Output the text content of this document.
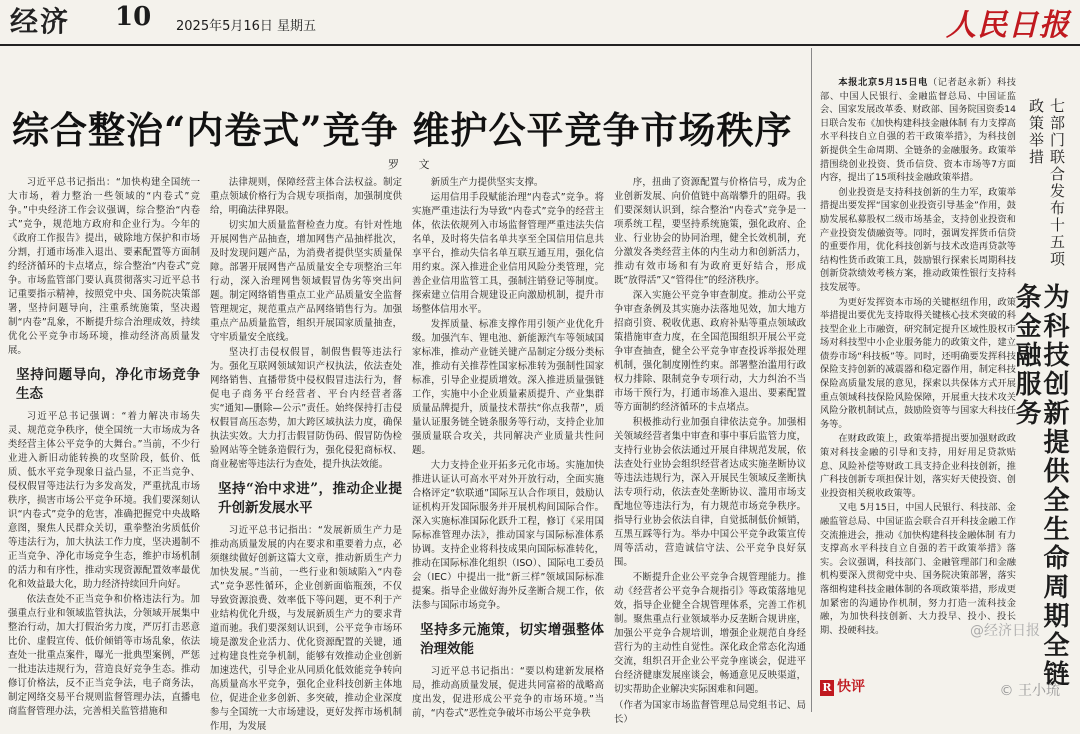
经济 10 2025年5月16日 星期五	人民日报
综合整治“内卷式”竞争 维护公平竞争市场秩序
罗 文

习近平总书记指出：“加快构建全国统一大市场，着力整治一些领域的“内卷式”竞争。”中央经济工作会议强调，综合整治“内卷式”竞争，规范地方政府和企业行为。今年的《政府工作报告》提出，破除地方保护和市场分割，打通市场准入退出、要素配置等方面制约经济循环的卡点堵点，综合整治“内卷式”竞争。市场监管部门要认真贯彻落实习近平总书记重要指示精神，按照党中央、国务院决策部署，坚持问题导向，注重系统施策，坚决遏制“内卷”乱象，不断提升综合治理成效，持续优化公平竞争市场环境，推动经济高质量发展。

坚持问题导向，净化市场竞争生态

习近平总书记强调：“着力解决市场失灵、规范竞争秩序，使全国统一大市场成为各类经营主体公平竞争的大舞台。”当前，不少行业进入新旧动能转换的攻坚阶段，低价、低质、低水平竞争现象日益凸显，不正当竞争、侵权假冒等违法行为多发高发，严重扰乱市场秩序，损害市场公平竞争环境。我们要深刻认识“内卷式”竞争的危害，准确把握党中央战略意图，聚焦人民群众关切，重拳整治劣质低价等违法行为，加大执法工作力度，坚决遏制不正当竞争、净化市场竞争生态，维护市场机制的活力和有序性，推动实现资源配置效率最优化和效益最大化，助力经济持续回升向好。

依法查处不正当竞争和价格违法行为。加强重点行业和领域监管执法，分领域开展集中整治行动，加大打假治劣力度，严厉打击恶意比价、虚假宣传、低价倾销等市场乱象，依法查处一批重点案件，曝光一批典型案例，严惩一批违法违规行为，营造良好竞争生态。推动修订价格法，反不正当竞争法，电子商务法，制定网络交易平台规则监督管理办法，直播电商监督管理办法，完善相关监管措施和

法律规则，保障经营主体合法权益。制定重点领域价格行为合规专项指南，加强制度供给，明确法律界限。

切实加大质量监督检查力度。有针对性地开展网售产品抽查，增加网售产品抽样批次，及时发现问题产品，为消费者提供坚实质量保障。部署开展网售产品质量安全专项整治三年行动，深入治理网售领域假冒伪劣等突出问题。制定网络销售重点工业产品质量安全监督管理规定，规范重点产品网络销售行为。加强重点产品质量监管，组织开展国家质量抽查，守牢质量安全底线。

坚决打击侵权假冒，制假售假等违法行为。强化互联网领域知识产权执法，依法查处网络销售、直播带货中侵权假冒违法行为，督促电子商务平台经营者、平台内经营者落实“通知—删除—公示”责任。始终保持打击侵权假冒高压态势，加大跨区域执法力度，确保执法实效。大力打击假冒防伪码、假冒防伪检验网站等全链条造假行为，强化侵犯商标权、商业秘密等违法行为查处，提升执法效能。

坚持“治中求进”，推动企业提升创新发展水平

习近平总书记指出：“发展新质生产力是推动高质量发展的内在要求和重要着力点，必须继续做好创新这篇大文章，推动新质生产力加快发展。”当前，一些行业和领域陷入“内卷式”竞争恶性循环，企业创新面临瓶颈，不仅导致资源浪费、效率低下等问题，更不利于产业结构优化升级，与发展新质生产力的要求背道而驰。我们要深刻认识到，公平竞争市场环境是激发企业活力、优化资源配置的关键，通过构建良性竞争机制，能够有效推动企业创新加速迭代，引导企业从同质化低效能竞争转向高质量高水平竞争，强化企业科技创新主体地位，促进企业多创新、多突破，推动企业深度参与全国统一大市场建设，更好发挥市场机制作用，为发展

新质生产力提供坚实支撑。

运用信用手段赋能治理“内卷式”竞争。将实施严重违法行为导致“内卷式”竞争的经营主体，依法依规列入市场监督管理严重违法失信名单，及时将失信名单共享至全国信用信息共享平台，推动失信名单互联互通互用，强化信用约束。深入推进企业信用风险分类管理，完善企业信用监管工具，强制注销登记等制度。探索建立信用合规建设正向激励机制，提升市场整体信用水平。

发挥质量、标准支撑作用引领产业优化升级。加强汽车、锂电池、新能源汽车等领域国家标准，推动产业链关键产品制定分级分类标准，推动有关推荐性国家标准转为强制性国家标准，引导企业提质增效。深入推进质量强链工作，实施中小企业质量素质提升、产业集群质量品牌提升，质量技术帮扶“你点我帮”，质量认证服务链全链条服务等行动，支持企业加强质量联合攻关，共同解决产业质量共性问题。

大力支持企业开拓多元化市场。实施加快推进认证认可高水平对外开放行动，全面实施合格评定“软联通”国际互认合作项目，鼓励认证机构开发国际服务并开展机构间国际合作。深入实施标准国际化跃升工程，修订《采用国际标准管理办法》，推动国家与国际标准体系协调。支持企业将科技成果向国际标准转化，推动在国际标准化组织（ISO）、国际电工委员会（IEC）中提出一批“新三样”领域国际标准提案。指导企业做好海外反垄断合规工作，依法参与国际市场竞争。

坚持多元施策，切实增强整体治理效能

习近平总书记指出：“要以构建新发展格局，推动高质量发展，促进共同富裕的战略高度出发，促进形成公平竞争的市场环境。”当前，“内卷式”恶性竞争破坏市场公平竞争秩

序，扭曲了资源配置与价格信号，成为企业创新发展、向价值链中高端攀升的阻碍。我们要深刻认识到，综合整治“内卷式”竞争是一项系统工程，要坚持系统施策，强化政府、企业、行业协会的协同治理，健全长效机制，充分激发各类经营主体的内生动力和创新活力，推动有效市场和有为政府更好结合，形成既“放得活”又“管得住”的经济秩序。

深入实施公平竞争审查制度。推动公平竞争审查条例及其实施办法落地见效，加大地方招商引资、税收优惠、政府补贴等重点领域政策措施审查力度，在全国范围组织开展公平竞争审查抽查，健全公平竞争审查投诉举报处理机制，强化制度刚性约束。部署整治滥用行政权力排除、限制竞争专项行动，大力纠治不当市场干预行为，打通市场准入退出、要素配置等方面制约经济循环的卡点堵点。

积极推动行业加强自律依法竞争。加强相关领域经营者集中审查和事中事后监管力度，支持行业协会依法通过开展自律规范发展，依法查处行业协会组织经营者达成实施垄断协议等违法违规行为，深入开展民生领域反垄断执法专项行动，依法查处垄断协议、滥用市场支配地位等违法行为，有力规范市场竞争秩序。指导行业协会依法自律，自觉抵制低价倾销，互黑互踩等行为。举办中国公平竞争政策宣传周等活动，营造诚信守法、公平竞争良好氛围。

不断提升企业公平竞争合规管理能力。推动《经营者公平竞争合规指引》等政策落地见效，指导企业健全合规管理体系，完善工作机制。聚焦重点行业领域举办反垄断合规讲座，加强公平竞争合规培训，增强企业规范自身经营行为的主动性自觉性。深化政企常态化沟通交流，组织召开企业公平竞争座谈会，促进平台经济健康发展座谈会，畅通意见反映渠道，切实帮助企业解决实际困难和问题。

（作者为国家市场监督管理总局党组书记、局长）
七部门联合发布十五项政策举措
为科技创新提供全生命周期全链条金融服务

本报北京5月15日电（记者赵永新）科技部、中国人民银行、金融监督总局、中国证监会、国家发展改革委、财政部、国务院国资委14日联合发布《加快构建科技金融体制 有力支撑高水平科技自立自强的若干政策举措》，为科技创新提供全生命周期、全链条的金融服务。政策举措围绕创业投资、货币信贷、资本市场等7方面内容，提出了15项科技金融政策举措。

创业投资是支持科技创新的生力军，政策举措提出要发挥“国家创业投资引导基金”作用，鼓励发展私募股权二级市场基金，支持创业投资和产业投资发债融资等。同时，强调发挥货币信贷的重要作用，优化科技创新与技术改造再贷款等结构性货币政策工具，鼓励银行探索长周期科技创新贷款绩效考核方案，推动政策性银行支持科技发展等。

为更好发挥资本市场的关键枢纽作用，政策举措提出要优先支持取得关键核心技术突破的科技型企业上市融资，研究制定提升区域性股权市场对科技型中小企业服务能力的政策文件，建立债券市场“科技板”等。同时，还明确要发挥科技保险支持创新的减震器和稳定器作用，制定科技保险高质量发展的意见，探索以共保体方式开展重点领域科技保险风险保障，开展重大技术攻关风险分散机制试点，鼓励险资等与国家大科技任务等。

在财政政策上，政策举措提出要加强财政政策对科技金融的引导和支持，用好用足贷款贴息、风险补偿等财政工具支持企业科技创新，推广科技创新专项担保计划，落实好天使投资、创业投资相关税收政策等。

又电 5月15日，中国人民银行、科技部、金融监管总局、中国证监会联合召开科技金融工作交流推进会，推动《加快构建科技金融体制 有力支撑高水平科技自立自强的若干政策举措》落实。会议强调，科技部门、金融管理部门和金融机构要深入贯彻党中央、国务院决策部署，落实落细构建科技金融体制的各项政策举措，形成更加紧密的沟通协作机制，努力打造一流科技金融，为加快科技创新、大力投早、投小、投长期、投硬科技。	@经济日报
R 快评	© 王小琉
